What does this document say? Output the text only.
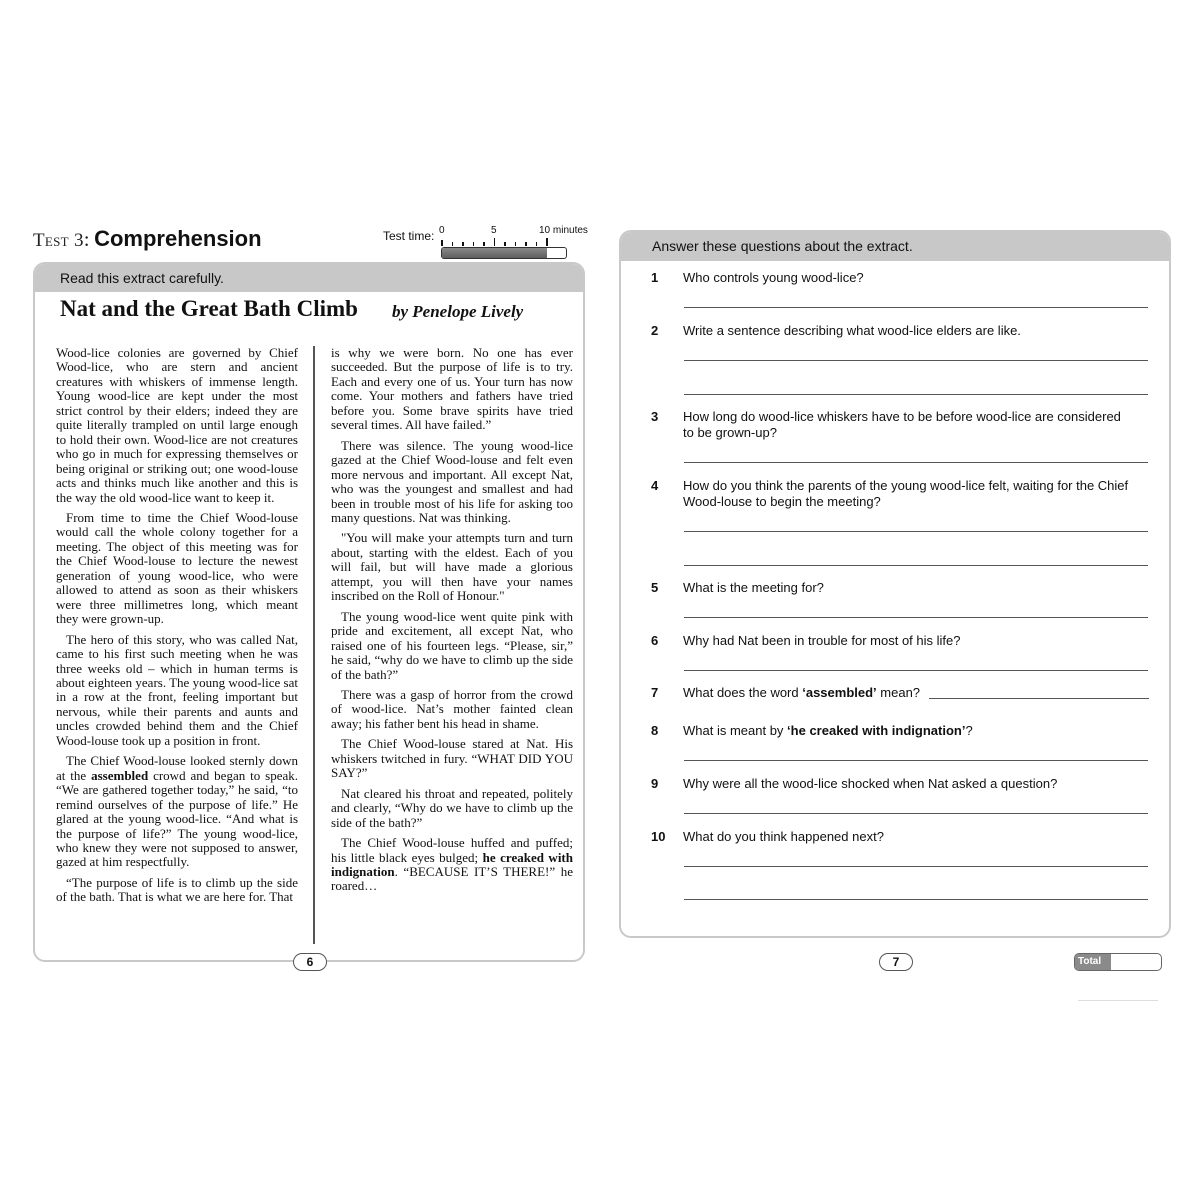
Test 3: Comprehension	Test time: 0	5	10 minutes
Read this extract carefully.
Nat and the Great Bath Climb by Penelope Lively

Wood-lice colonies are governed by Chief Wood-lice, who are stern and ancient creatures with whiskers of immense length. Young wood-lice are kept under the most strict control by their elders; indeed they are quite literally trampled on until large enough to hold their own. Wood-lice are not creatures who go in much for expressing themselves or being original or striking out; one wood-louse acts and thinks much like another and this is the way the old wood-lice want to keep it.

From time to time the Chief Wood-louse would call the whole colony together for a meeting. The object of this meeting was for the Chief Wood-louse to lecture the newest generation of young wood-lice, who were allowed to attend as soon as their whiskers were three millimetres long, which meant they were grown-up.

The hero of this story, who was called Nat, came to his first such meeting when he was three weeks old – which in human terms is about eighteen years. The young wood-lice sat in a row at the front, feeling important but nervous, while their parents and aunts and uncles crowded behind them and the Chief Wood-louse took up a position in front.

The Chief Wood-louse looked sternly down at the assembled crowd and began to speak. “We are gathered together today,” he said, “to remind ourselves of the purpose of life.” He glared at the young wood-lice. “And what is the purpose of life?” The young wood-lice, who knew they were not supposed to answer, gazed at him respectfully.

“The purpose of life is to climb up the side of the bath. That is what we are here for. That

is why we were born. No one has ever succeeded. But the purpose of life is to try. Each and every one of us. Your turn has now come. Your mothers and fathers have tried before you. Some brave spirits have tried several times. All have failed.”

There was silence. The young wood-lice gazed at the Chief Wood-louse and felt even more nervous and important. All except Nat, who was the youngest and smallest and had been in trouble most of his life for asking too many questions. Nat was thinking.

"You will make your attempts turn and turn about, starting with the eldest. Each of you will fail, but will have made a glorious attempt, you will then have your names inscribed on the Roll of Honour."

The young wood-lice went quite pink with pride and excitement, all except Nat, who raised one of his fourteen legs. “Please, sir,” he said, “why do we have to climb up the side of the bath?”

There was a gasp of horror from the crowd of wood-lice. Nat’s mother fainted clean away; his father bent his head in shame.

The Chief Wood-louse stared at Nat. His whiskers twitched in fury. “WHAT DID YOU SAY?”

Nat cleared his throat and repeated, politely and clearly, “Why do we have to climb up the side of the bath?”

The Chief Wood-louse huffed and puffed; his little black eyes bulged; he creaked with indignation. “BECAUSE IT’S THERE!” he roared…

6
Answer these questions about the extract.
1	Who controls young wood-lice?
2	Write a sentence describing what wood-lice elders are like.
3	How long do wood-lice whiskers have to be before wood-lice are considered to be grown-up?
4	How do you think the parents of the young wood-lice felt, waiting for the Chief Wood-louse to begin the meeting?
5	What is the meeting for?
6	Why had Nat been in trouble for most of his life?
7	What does the word ‘assembled’ mean?
8	What is meant by ‘he creaked with indignation’?
9	Why were all the wood-lice shocked when Nat asked a question?
10	What do you think happened next?
7	Total
